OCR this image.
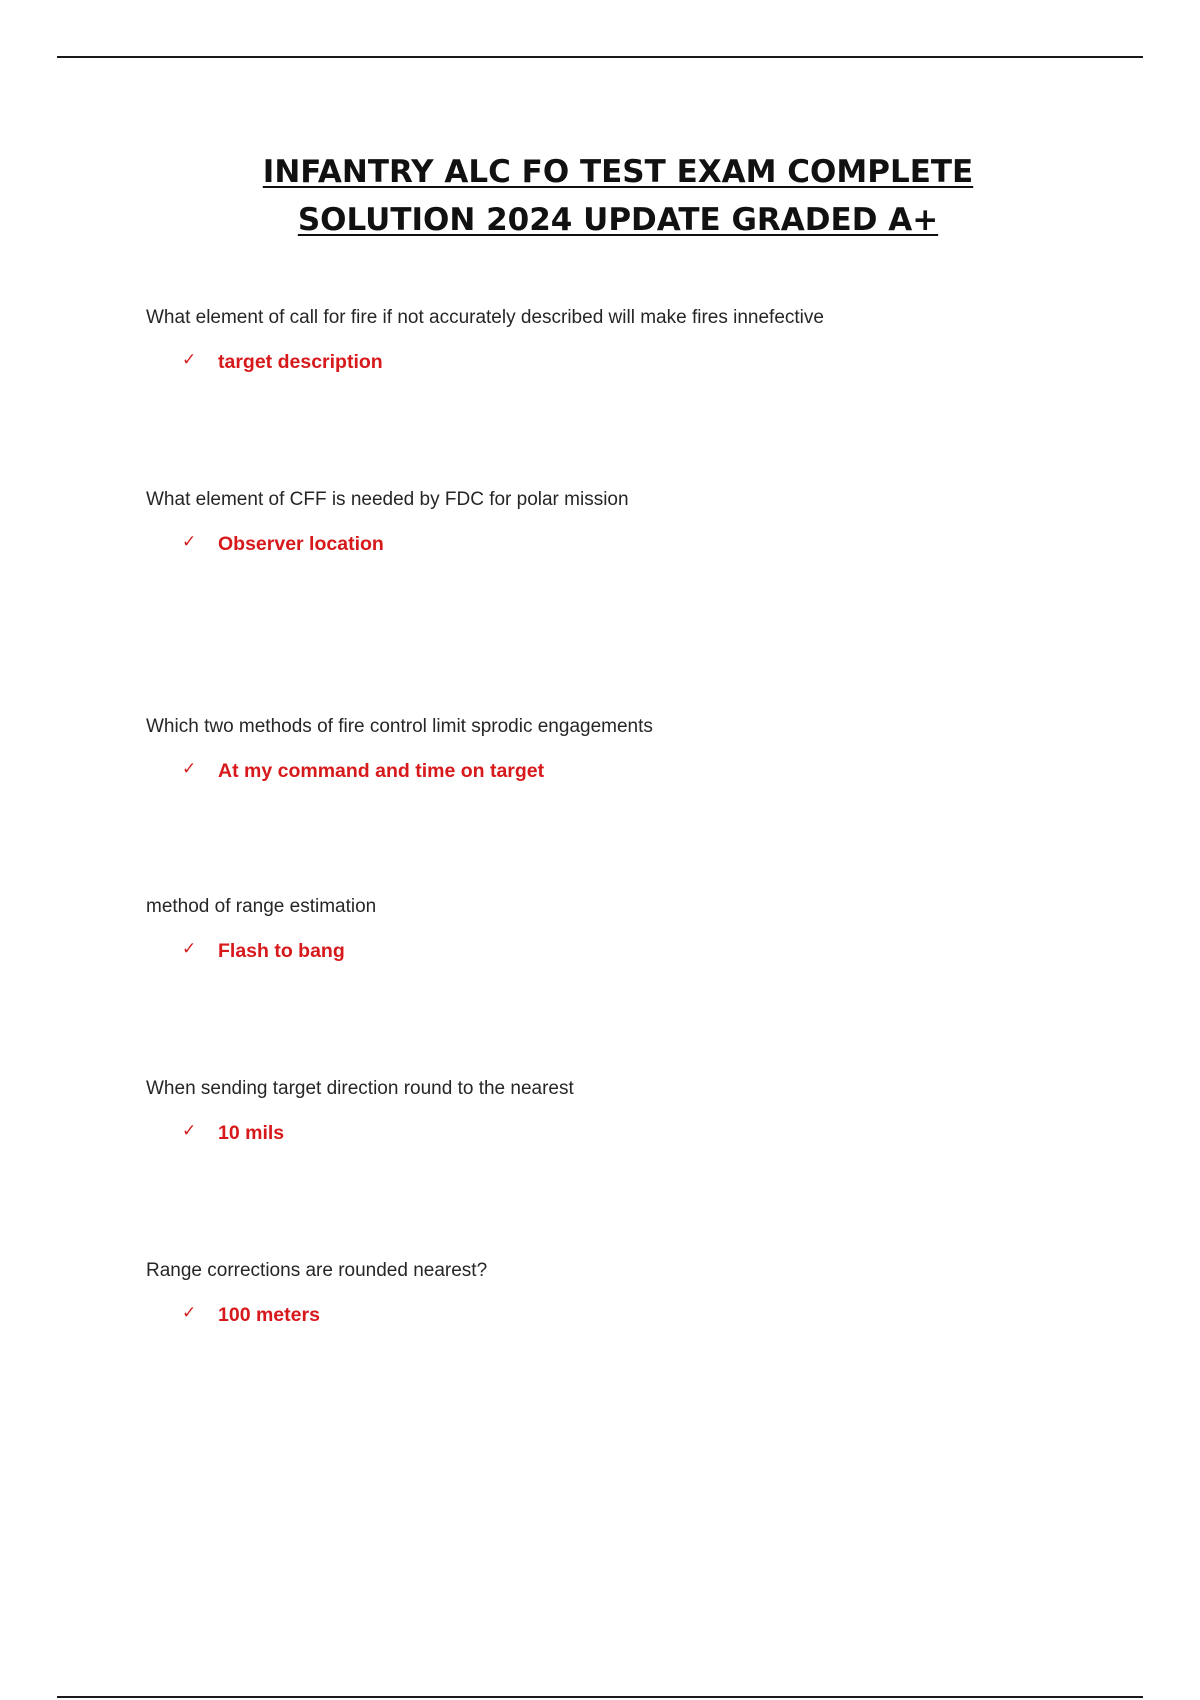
INFANTRY ALC FO TEST EXAM COMPLETE
SOLUTION 2024 UPDATE GRADED A+
What element of call for fire if not accurately described will make fires innefective
✓ target description
What element of CFF is needed by FDC for polar mission
✓ Observer location
Which two methods of fire control limit sprodic engagements
✓ At my command and time on target
method of range estimation
✓ Flash to bang
When sending target direction round to the nearest
✓ 10 mils
Range corrections are rounded nearest?
✓ 100 meters
